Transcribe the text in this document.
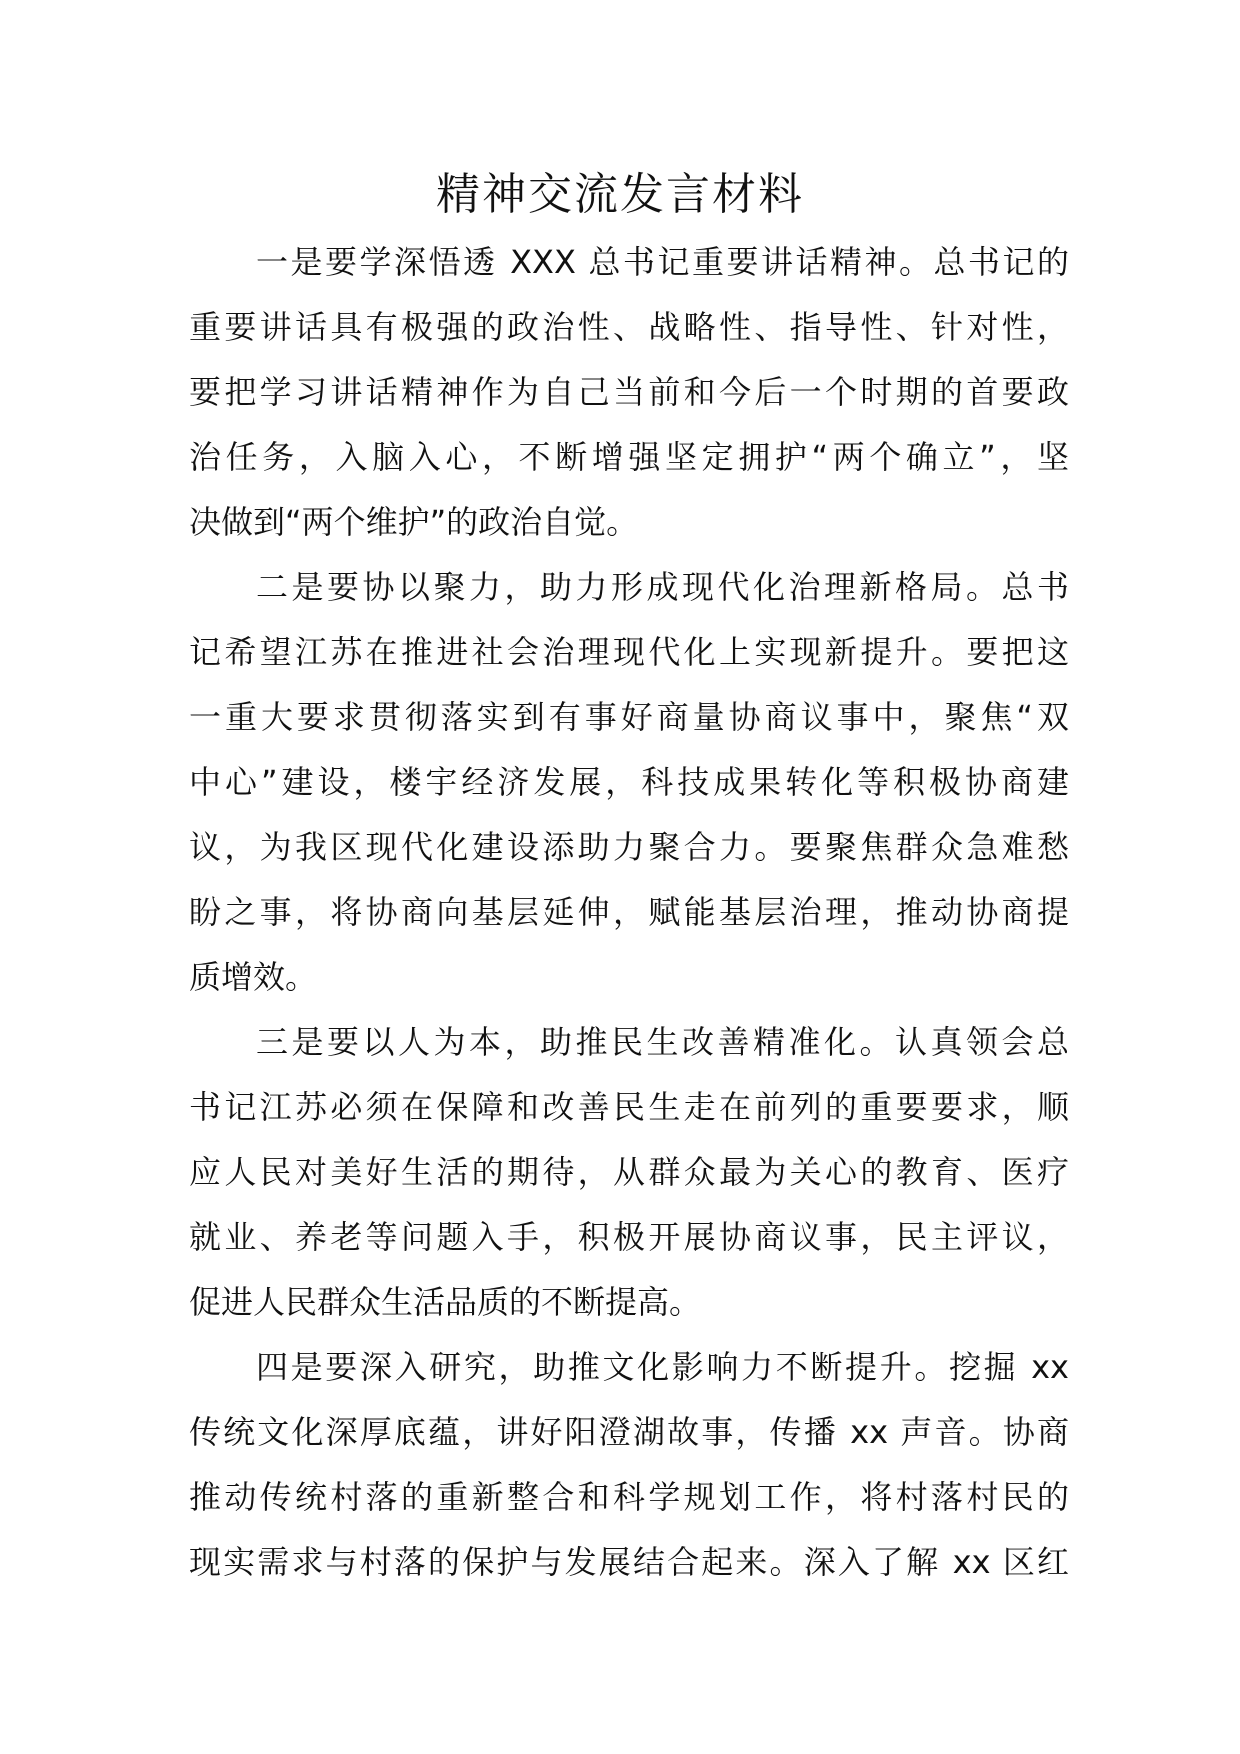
精神交流发言材料
一是要学深悟透 XXX 总书记重要讲话精神。总书记的
重要讲话具有极强的政治性、战略性、指导性、针对性，
要把学习讲话精神作为自己当前和今后一个时期的首要政
治任务，入脑入心，不断增强坚定拥护“两个确立”，坚
决做到“两个维护”的政治自觉。
二是要协以聚力，助力形成现代化治理新格局。总书
记希望江苏在推进社会治理现代化上实现新提升。要把这
一重大要求贯彻落实到有事好商量协商议事中，聚焦“双
中心”建设，楼宇经济发展，科技成果转化等积极协商建
议，为我区现代化建设添助力聚合力。要聚焦群众急难愁
盼之事，将协商向基层延伸，赋能基层治理，推动协商提
质增效。
三是要以人为本，助推民生改善精准化。认真领会总
书记江苏必须在保障和改善民生走在前列的重要要求，顺
应人民对美好生活的期待，从群众最为关心的教育、医疗
就业、养老等问题入手，积极开展协商议事，民主评议，
促进人民群众生活品质的不断提高。
四是要深入研究，助推文化影响力不断提升。挖掘 xx
传统文化深厚底蕴，讲好阳澄湖故事，传播 xx 声音。协商
推动传统村落的重新整合和科学规划工作，将村落村民的
现实需求与村落的保护与发展结合起来。深入了解 xx 区红
